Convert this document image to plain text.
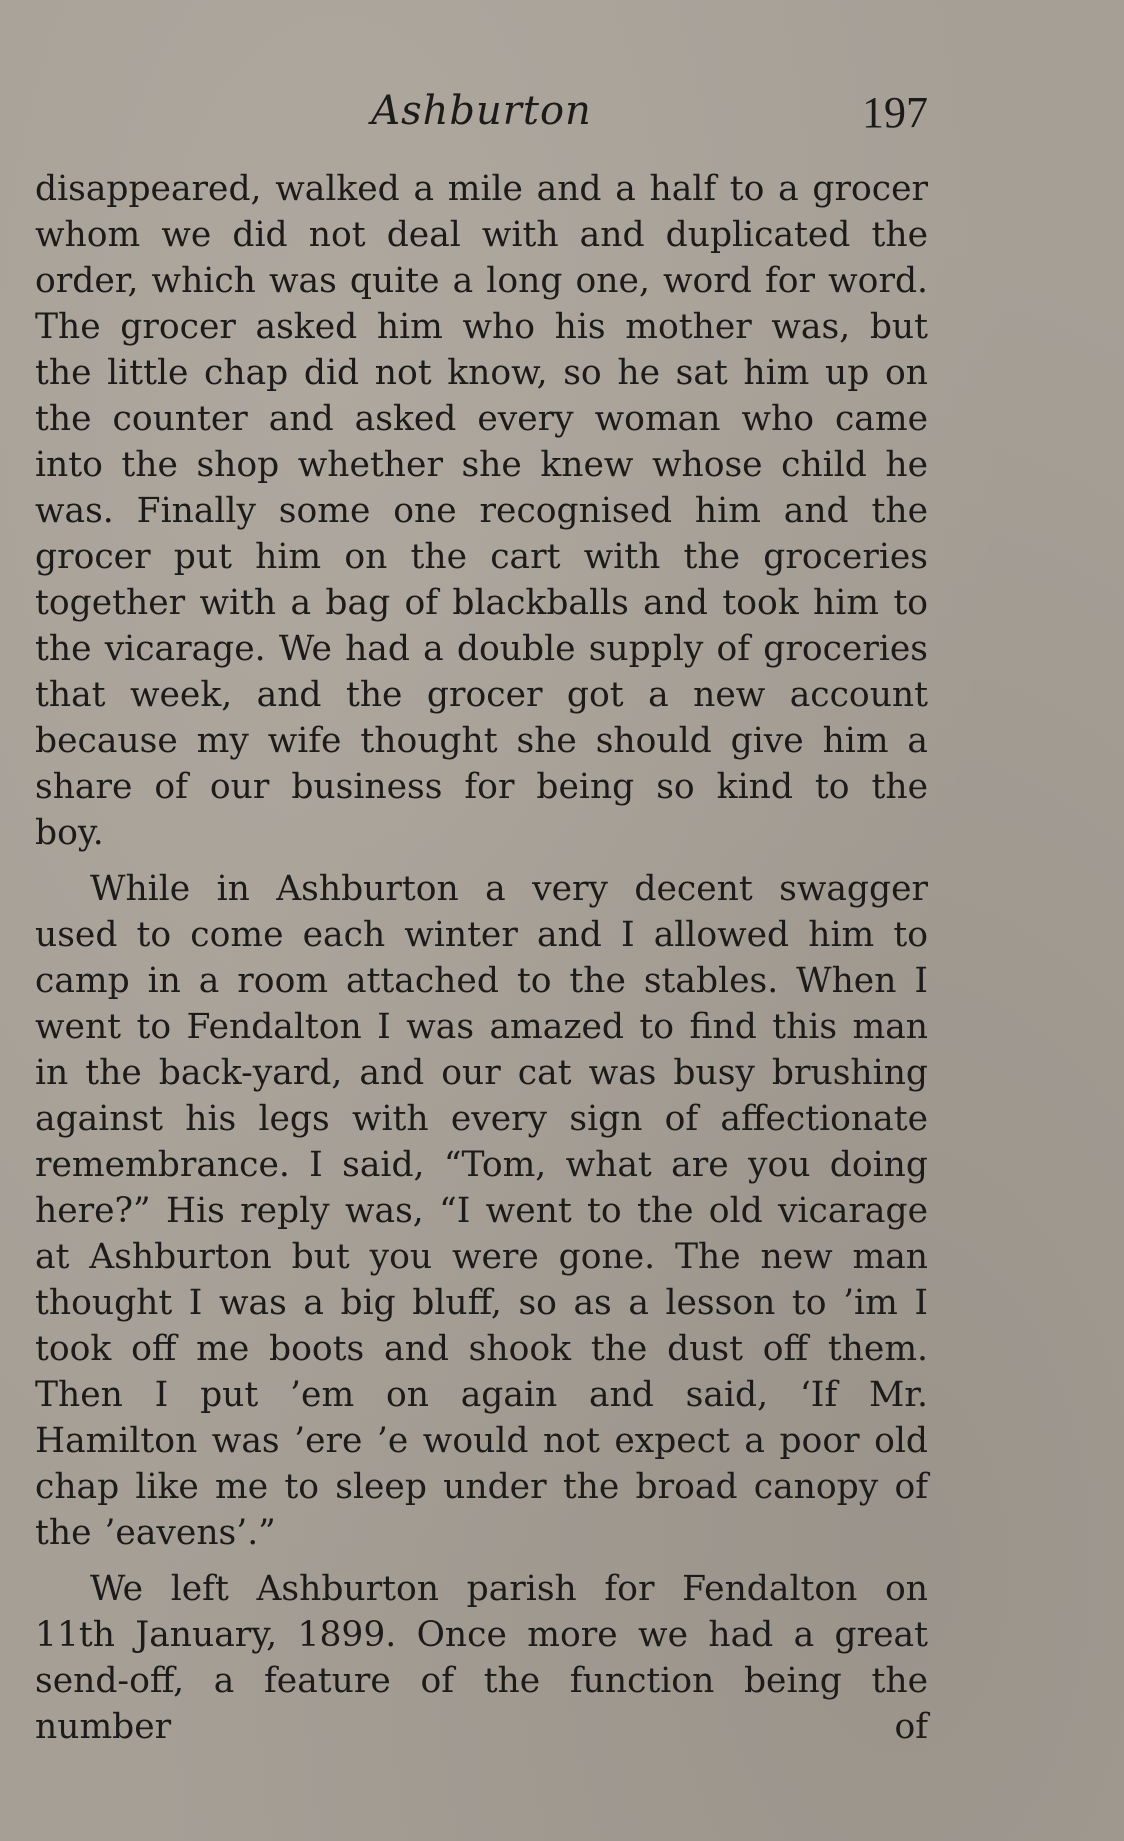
Ashburton	197

disappeared, walked a mile and a half to a grocer whom we did not deal with and duplicated the order, which was quite a long one, word for word. The grocer asked him who his mother was, but the little chap did not know, so he sat him up on the counter and asked every woman who came into the shop whether she knew whose child he was. Finally some one recognised him and the grocer put him on the cart with the groceries together with a bag of blackballs and took him to the vicarage. We had a double supply of groceries that week, and the grocer got a new account because my wife thought she should give him a share of our business for being so kind to the boy.

While in Ashburton a very decent swagger used to come each winter and I allowed him to camp in a room attached to the stables. When I went to Fendalton I was amazed to find this man in the back-yard, and our cat was busy brushing against his legs with every sign of affectionate remembrance. I said, “Tom, what are you doing here?” His reply was, “I went to the old vicarage at Ashburton but you were gone. The new man thought I was a big bluff, so as a lesson to ’im I took off me boots and shook the dust off them. Then I put ’em on again and said, ‘If Mr. Hamilton was ’ere ’e would not expect a poor old chap like me to sleep under the broad canopy of the ’eavens’.”

We left Ashburton parish for Fendalton on 11th January, 1899. Once more we had a great send-off, a feature of the function being the number of
